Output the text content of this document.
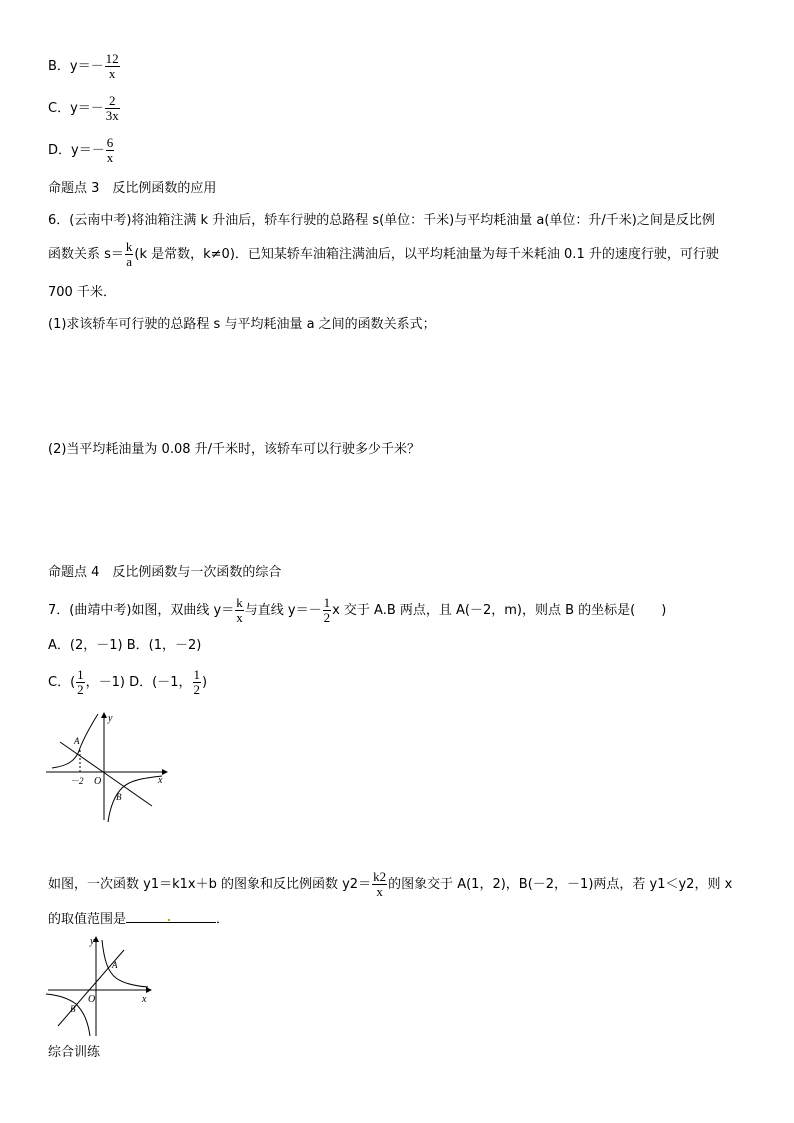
B．$y=- \frac{12}{x}$
C．$y=- \frac{2}{3x}$
D．$y=- \frac{6}{x}$
命题点 3　反比例函数的应用
6．(云南中考)将油箱注满 k 升油后，轿车行驶的总路程 s(单位：千米)与平均耗油量 a(单位：升/千米)之间是反比例
函数关系 $s= \frac{k}{a} (k$ 是常数，k≠0)．已知某轿车油箱注满油后，以平均耗油量为每千米耗油 0.1 升的速度行驶，可行驶
700 千米．
(1)求该轿车可行驶的总路程 s 与平均耗油量 a 之间的函数关系式；
(2)当平均耗油量为 0.08 升/千米时，该轿车可以行驶多少千米？
命题点 4　反比例函数与一次函数的综合
7．(曲靖中考)如图，双曲线 $y= \frac{k}{x}$ 与直线 $y=- \frac{1}{2}$ x 交于 A.B 两点，且 A(－2，m)，则点 B 的坐标是(　　)
A．(2，－1) B．(1，－2)
C．( $\frac{1}{2}$ ，－1) D．(－1， $\frac{1}{2}$ )
y
x
O
A
B
－2
如图，一次函数 y1＝k1x＋b 的图象和反比例函数 $y2= \frac{k2}{x}$ 的图象交于 A(1，2)，B(－2，－1)两点，若 y1＜y2，则 x
的取值范围是	．
y
x
O
A
B
综合训练
